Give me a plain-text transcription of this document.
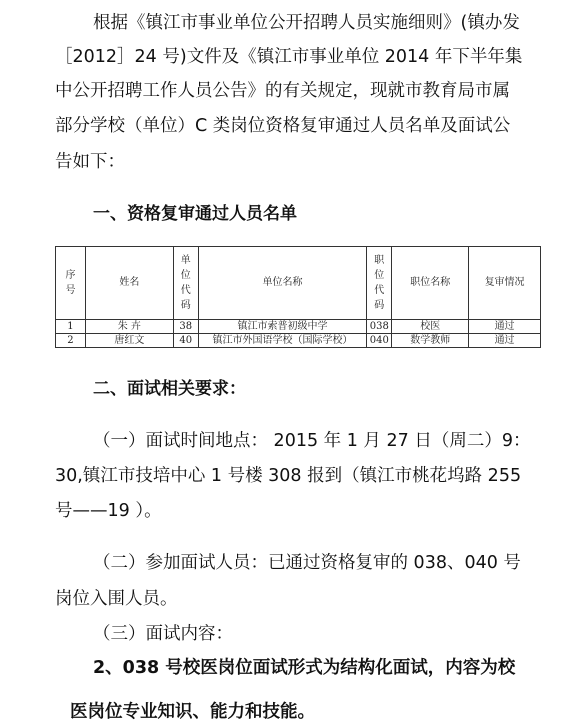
根据《镇江市事业单位公开招聘人员实施细则》(镇办发
［2012］24 号)文件及《镇江市事业单位 2014 年下半年集
中公开招聘工作人员公告》的有关规定，现就市教育局市属
部分学校（单位）C 类岗位资格复审通过人员名单及面试公
告如下：
一、资格复审通过人员名单
序号	姓名	单位代码	单位名称	职位代码	职位名称	复审情况
1	朱 卉	38	镇江市索普初级中学	038	校医	通过
2	唐红文	40	镇江市外国语学校（国际学校）	040	数学教师	通过
二、面试相关要求：
（一）面试时间地点： 2015 年 1 月 27 日（周二）9：
30,镇江市技培中心 1 号楼 308 报到（镇江市桃花坞路 255
号——19 ）。
（二）参加面试人员：已通过资格复审的 038、040 号
岗位入围人员。
（三）面试内容：
2、038 号校医岗位面试形式为结构化面试，内容为校
医岗位专业知识、能力和技能。
